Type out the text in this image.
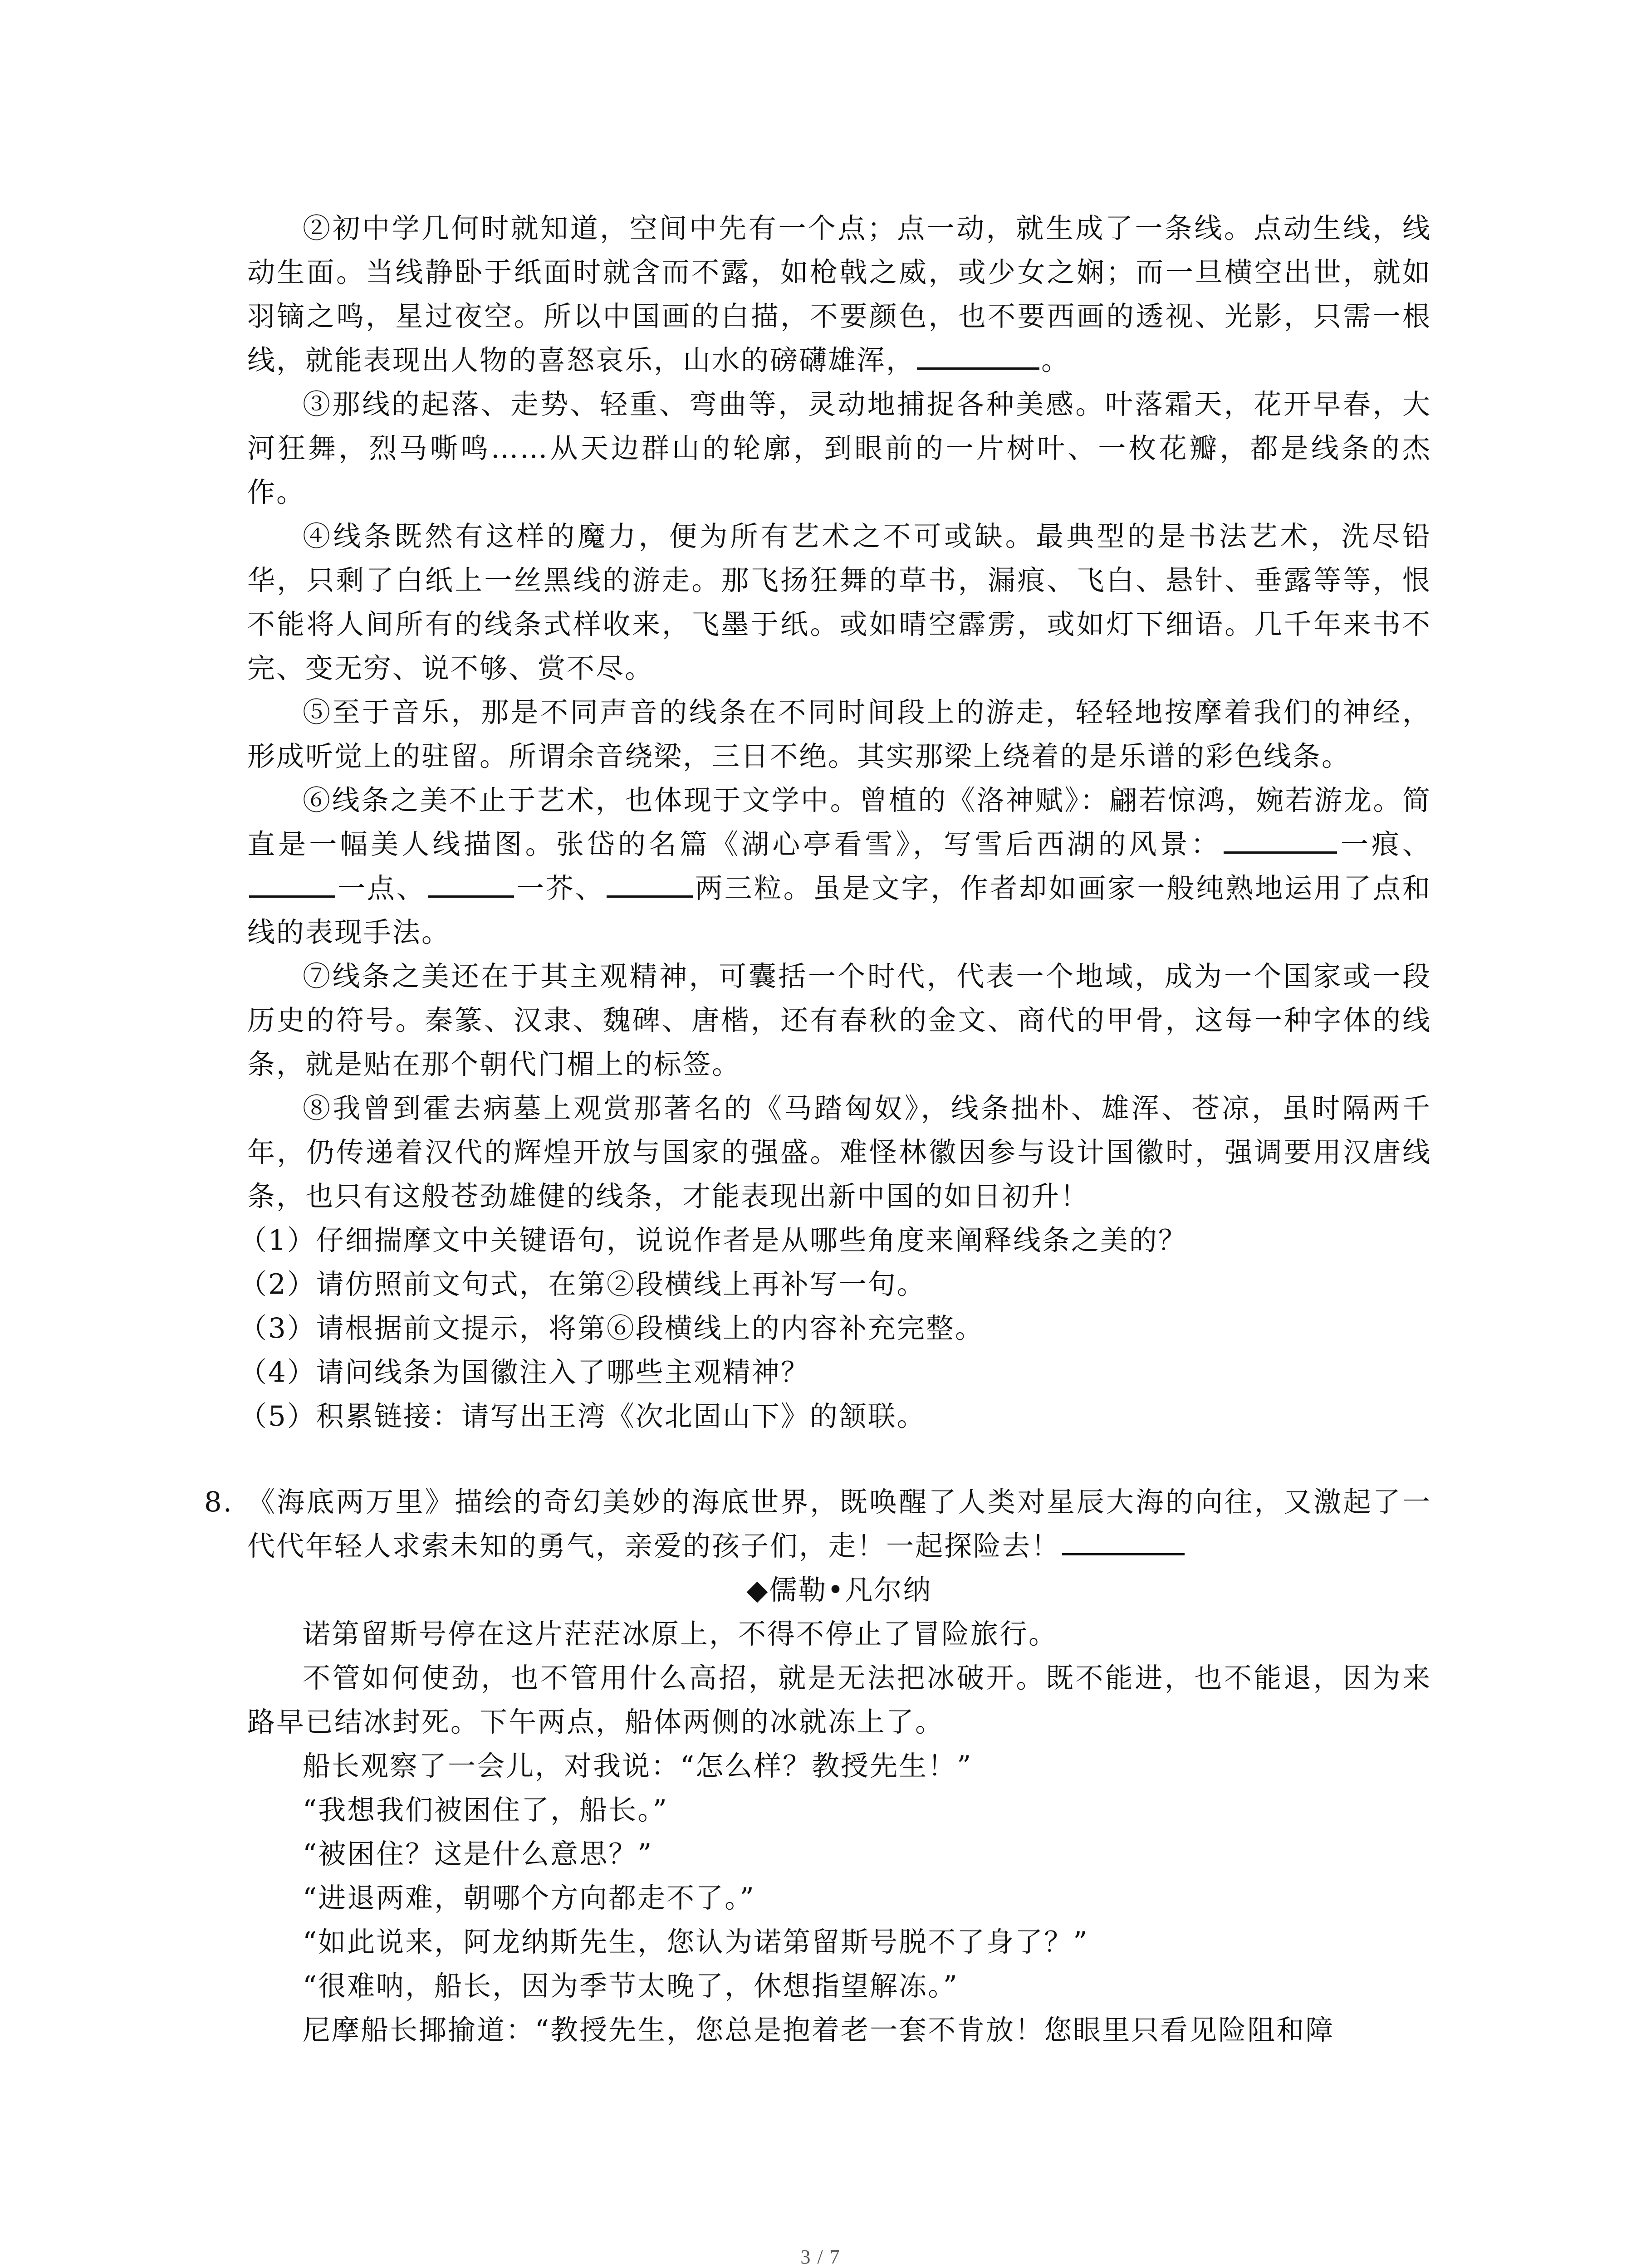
②初中学几何时就知道，空间中先有一个点；点一动，就生成了一条线。点动生线，线动生面。当线静卧于纸面时就含而不露，如枪戟之威，或少女之娴；而一旦横空出世，就如羽镝之鸣，星过夜空。所以中国画的白描，不要颜色，也不要西画的透视、光影，只需一根线，就能表现出人物的喜怒哀乐，山水的磅礴雄浑，	。

③那线的起落、走势、轻重、弯曲等，灵动地捕捉各种美感。叶落霜天，花开早春，大河狂舞，烈马嘶鸣……从天边群山的轮廓，到眼前的一片树叶、一枚花瓣，都是线条的杰作。

④线条既然有这样的魔力，便为所有艺术之不可或缺。最典型的是书法艺术，洗尽铅华，只剩了白纸上一丝黑线的游走。那飞扬狂舞的草书，漏痕、飞白、悬针、垂露等等，恨不能将人间所有的线条式样收来，飞墨于纸。或如晴空霹雳，或如灯下细语。几千年来书不完、变无穷、说不够、赏不尽。

⑤至于音乐，那是不同声音的线条在不同时间段上的游走，轻轻地按摩着我们的神经，形成听觉上的驻留。所谓余音绕梁，三日不绝。其实那梁上绕着的是乐谱的彩色线条。

⑥线条之美不止于艺术，也体现于文学中。曾植的《洛神赋》：翩若惊鸿，婉若游龙。简直是一幅美人线描图。张岱的名篇《湖心亭看雪》，写雪后西湖的风景：	一痕、一点、	一芥、	两三粒。虽是文字，作者却如画家一般纯熟地运用了点和线的表现手法。

⑦线条之美还在于其主观精神，可囊括一个时代，代表一个地域，成为一个国家或一段历史的符号。秦篆、汉隶、魏碑、唐楷，还有春秋的金文、商代的甲骨，这每一种字体的线条，就是贴在那个朝代门楣上的标签。

⑧我曾到霍去病墓上观赏那著名的《马踏匈奴》，线条拙朴、雄浑、苍凉，虽时隔两千年，仍传递着汉代的辉煌开放与国家的强盛。难怪林徽因参与设计国徽时，强调要用汉唐线条，也只有这般苍劲雄健的线条，才能表现出新中国的如日初升！

（1）仔细揣摩文中关键语句，说说作者是从哪些角度来阐释线条之美的？

（2）请仿照前文句式，在第②段横线上再补写一句。

（3）请根据前文提示，将第⑥段横线上的内容补充完整。

（4）请问线条为国徽注入了哪些主观精神？

（5）积累链接：请写出王湾《次北固山下》的颔联。

8. 《海底两万里》描绘的奇幻美妙的海底世界，既唤醒了人类对星辰大海的向往，又激起了一代代年轻人求索未知的勇气，亲爱的孩子们，走！一起探险去！

◆儒勒•凡尔纳

诺第留斯号停在这片茫茫冰原上，不得不停止了冒险旅行。

不管如何使劲，也不管用什么高招，就是无法把冰破开。既不能进，也不能退，因为来路早已结冰封死。下午两点，船体两侧的冰就冻上了。

船长观察了一会儿，对我说：“怎么样？教授先生！”

“我想我们被困住了，船长。”

“被困住？这是什么意思？”

“进退两难，朝哪个方向都走不了。”

“如此说来，阿龙纳斯先生，您认为诺第留斯号脱不了身了？”

“很难呐，船长，因为季节太晚了，休想指望解冻。”

尼摩船长揶揄道：“教授先生，您总是抱着老一套不肯放！您眼里只看见险阻和障

3 / 7
